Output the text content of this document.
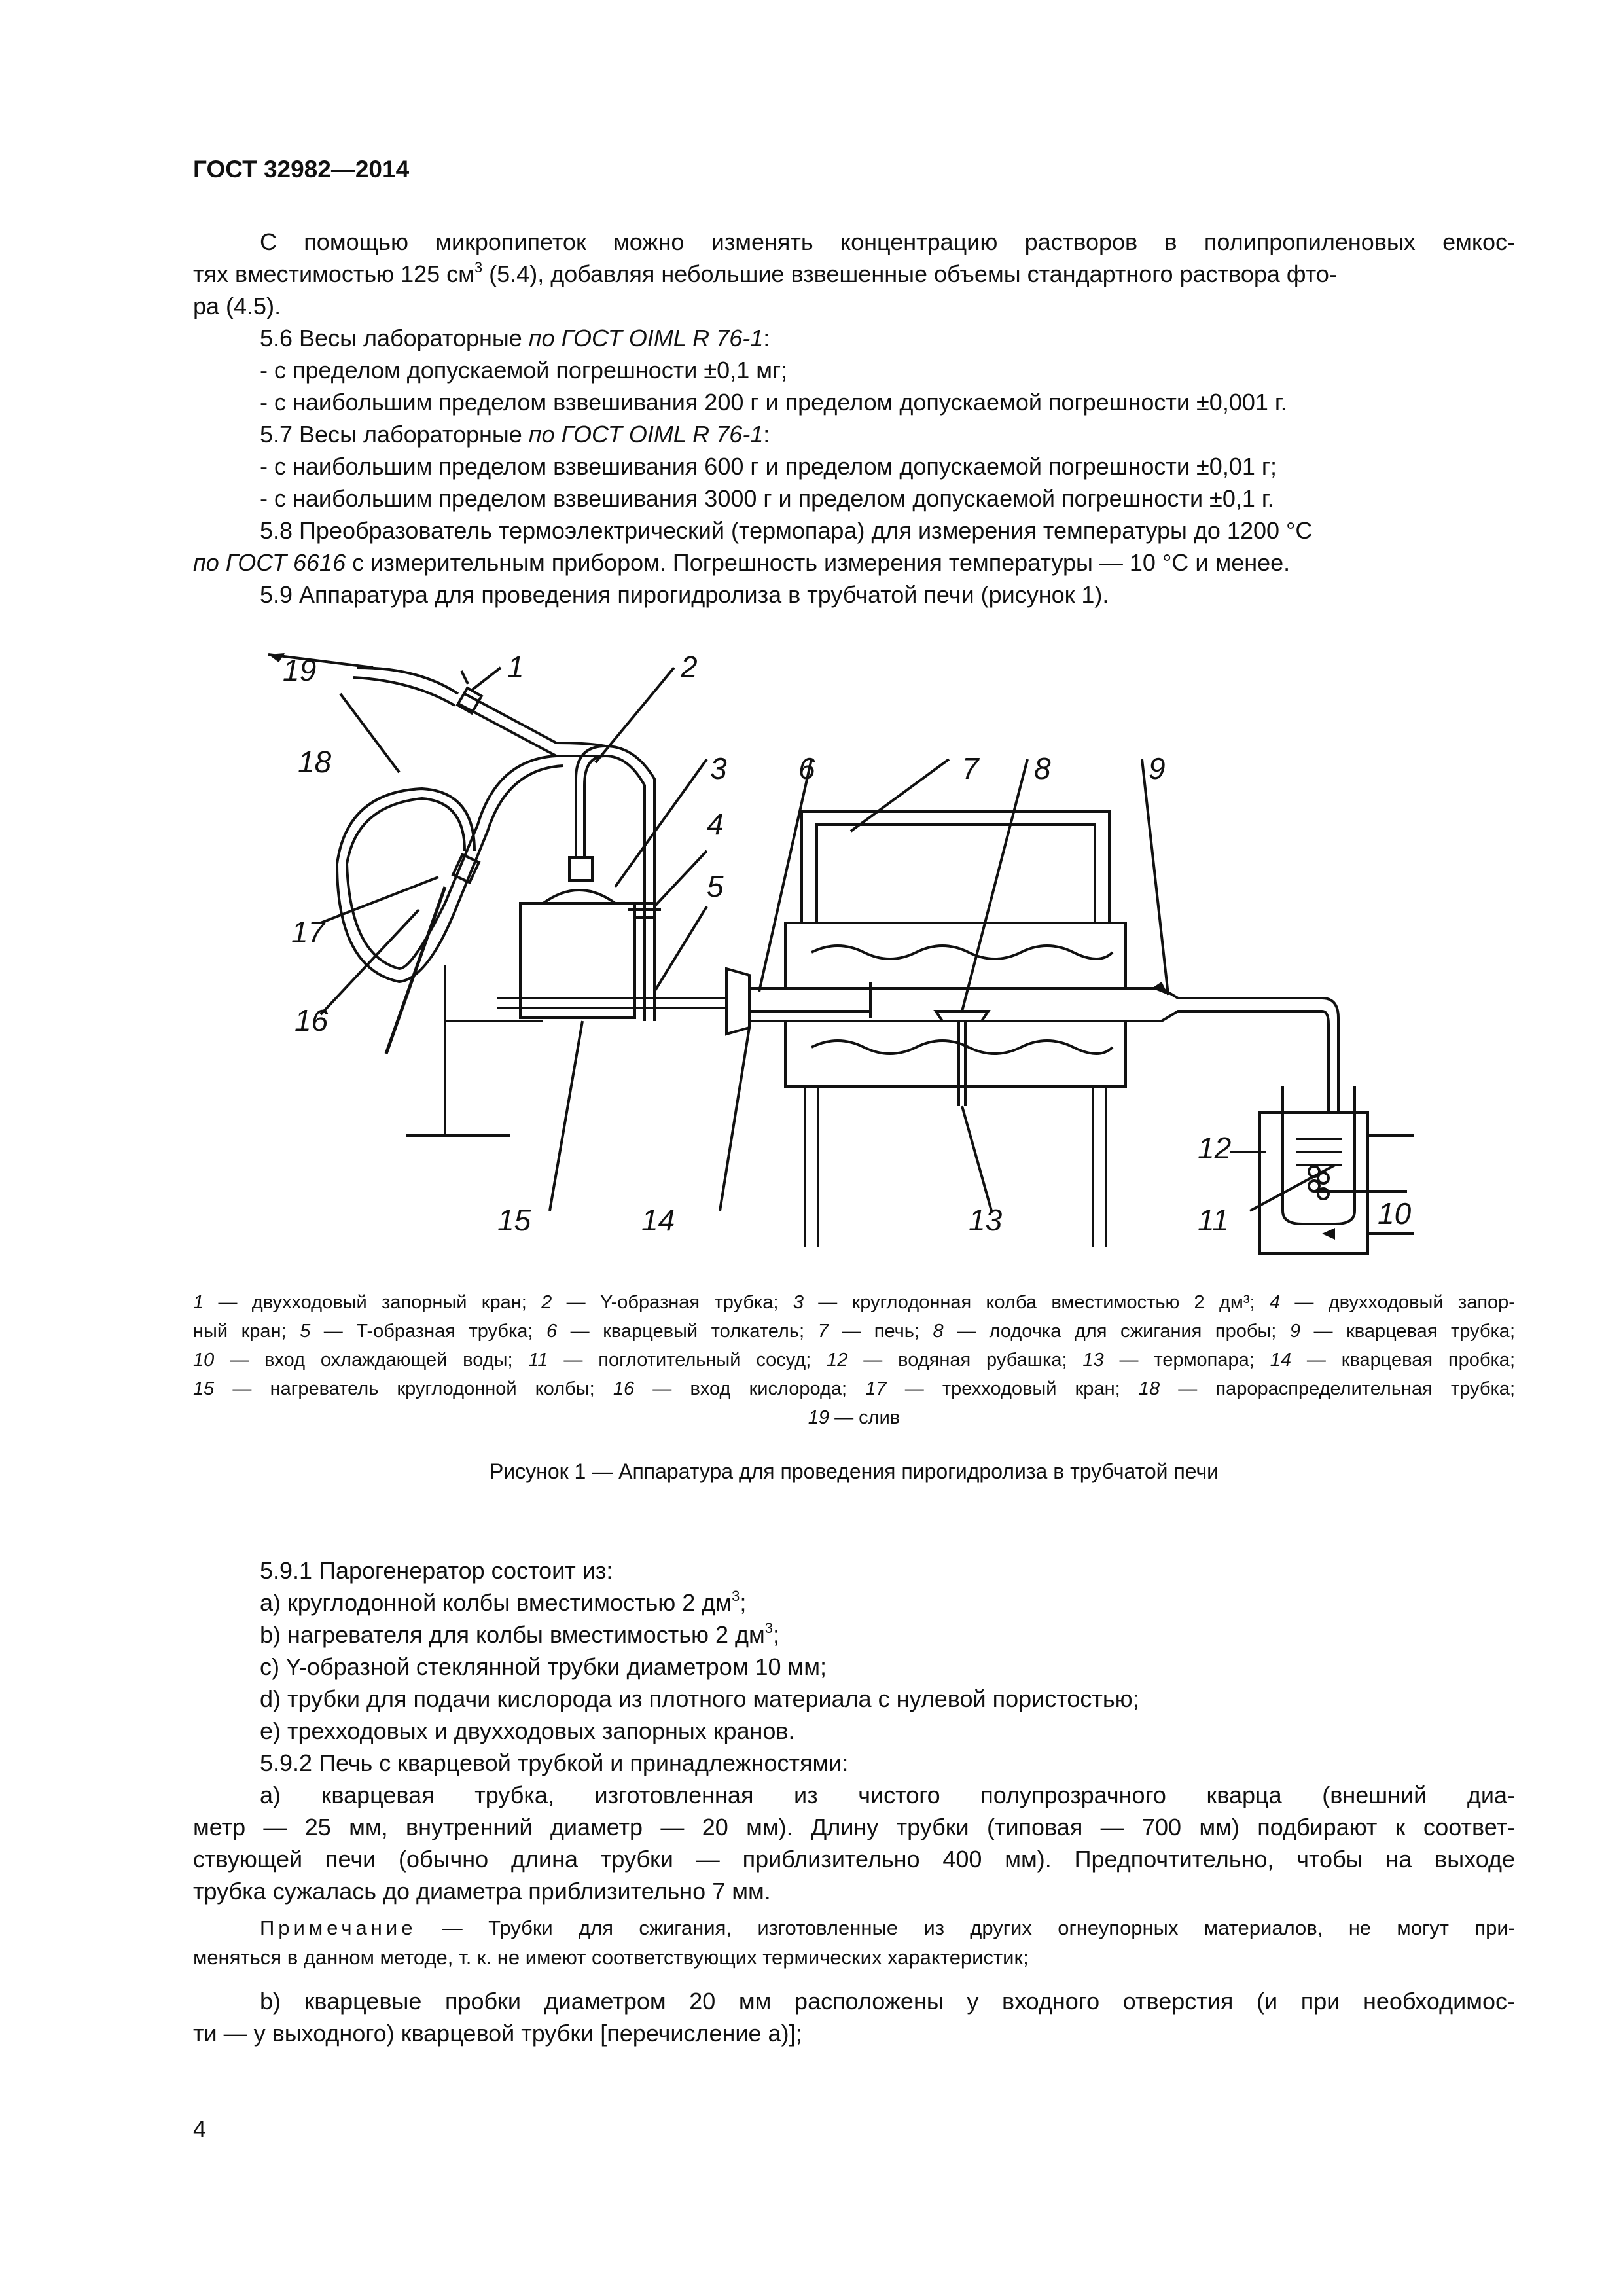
ГОСТ 32982—2014
С помощью микропипеток можно изменять концентрацию растворов в полипропиленовых емкос-
тях вместимостью 125 $см^3$ (5.4), добавляя небольшие взвешенные объемы стандартного раствора фто-
ра (4.5).
5.6 Весы лабораторные по ГОСТ OIML R 76-1:
- с пределом допускаемой погрешности ±0,1 мг;
- с наибольшим пределом взвешивания 200 г и пределом допускаемой погрешности ±0,001 г.
5.7 Весы лабораторные по ГОСТ OIML R 76-1:
- с наибольшим пределом взвешивания 600 г и пределом допускаемой погрешности ±0,01 г;
- с наибольшим пределом взвешивания 3000 г и пределом допускаемой погрешности ±0,1 г.
5.8 Преобразователь термоэлектрический (термопара) для измерения температуры до 1200 °С
по ГОСТ 6616 с измерительным прибором. Погрешность измерения температуры — 10 °С и менее.
5.9 Аппаратура для проведения пирогидролиза в трубчатой печи (рисунок 1).
19	1	2
18	3 6	7 8	9
4
5
17
16
12
15	14	13	11	10
1 — двухходовый запорный кран; 2 — Y-образная трубка; 3 — круглодонная колба вместимостью 2 дм³; 4 — двухходовый запор-
ный кран; 5 — T-образная трубка; 6 — кварцевый толкатель; 7 — печь; 8 — лодочка для сжигания пробы; 9 — кварцевая трубка;
10 — вход охлаждающей воды; 11 — поглотительный сосуд; 12 — водяная рубашка; 13 — термопара; 14 — кварцевая пробка;
15 — нагреватель круглодонной колбы; 16 — вход кислорода; 17 — трехходовый кран; 18 — парораспределительная трубка;
19 — слив
Рисунок 1 — Аппаратура для проведения пирогидролиза в трубчатой печи
5.9.1 Парогенератор состоит из:
a) круглодонной колбы вместимостью 2 $дм^3$;
b) нагревателя для колбы вместимостью 2 $дм^3$;
c) Y-образной стеклянной трубки диаметром 10 мм;
d) трубки для подачи кислорода из плотного материала с нулевой пористостью;
e) трехходовых и двухходовых запорных кранов.
5.9.2 Печь с кварцевой трубкой и принадлежностями:
a) кварцевая трубка, изготовленная из чистого полупрозрачного кварца (внешний диа-
метр — 25 мм, внутренний диаметр — 20 мм). Длину трубки (типовая — 700 мм) подбирают к соответ-
ствующей печи (обычно длина трубки — приблизительно 400 мм). Предпочтительно, чтобы на выходе
трубка сужалась до диаметра приблизительно 7 мм.
Примечание — Трубки для сжигания, изготовленные из других огнеупорных материалов, не могут при-
меняться в данном методе, т. к. не имеют соответствующих термических характеристик;
b) кварцевые пробки диаметром 20 мм расположены у входного отверстия (и при необходимос-
ти — у выходного) кварцевой трубки [перечисление a)];
4
